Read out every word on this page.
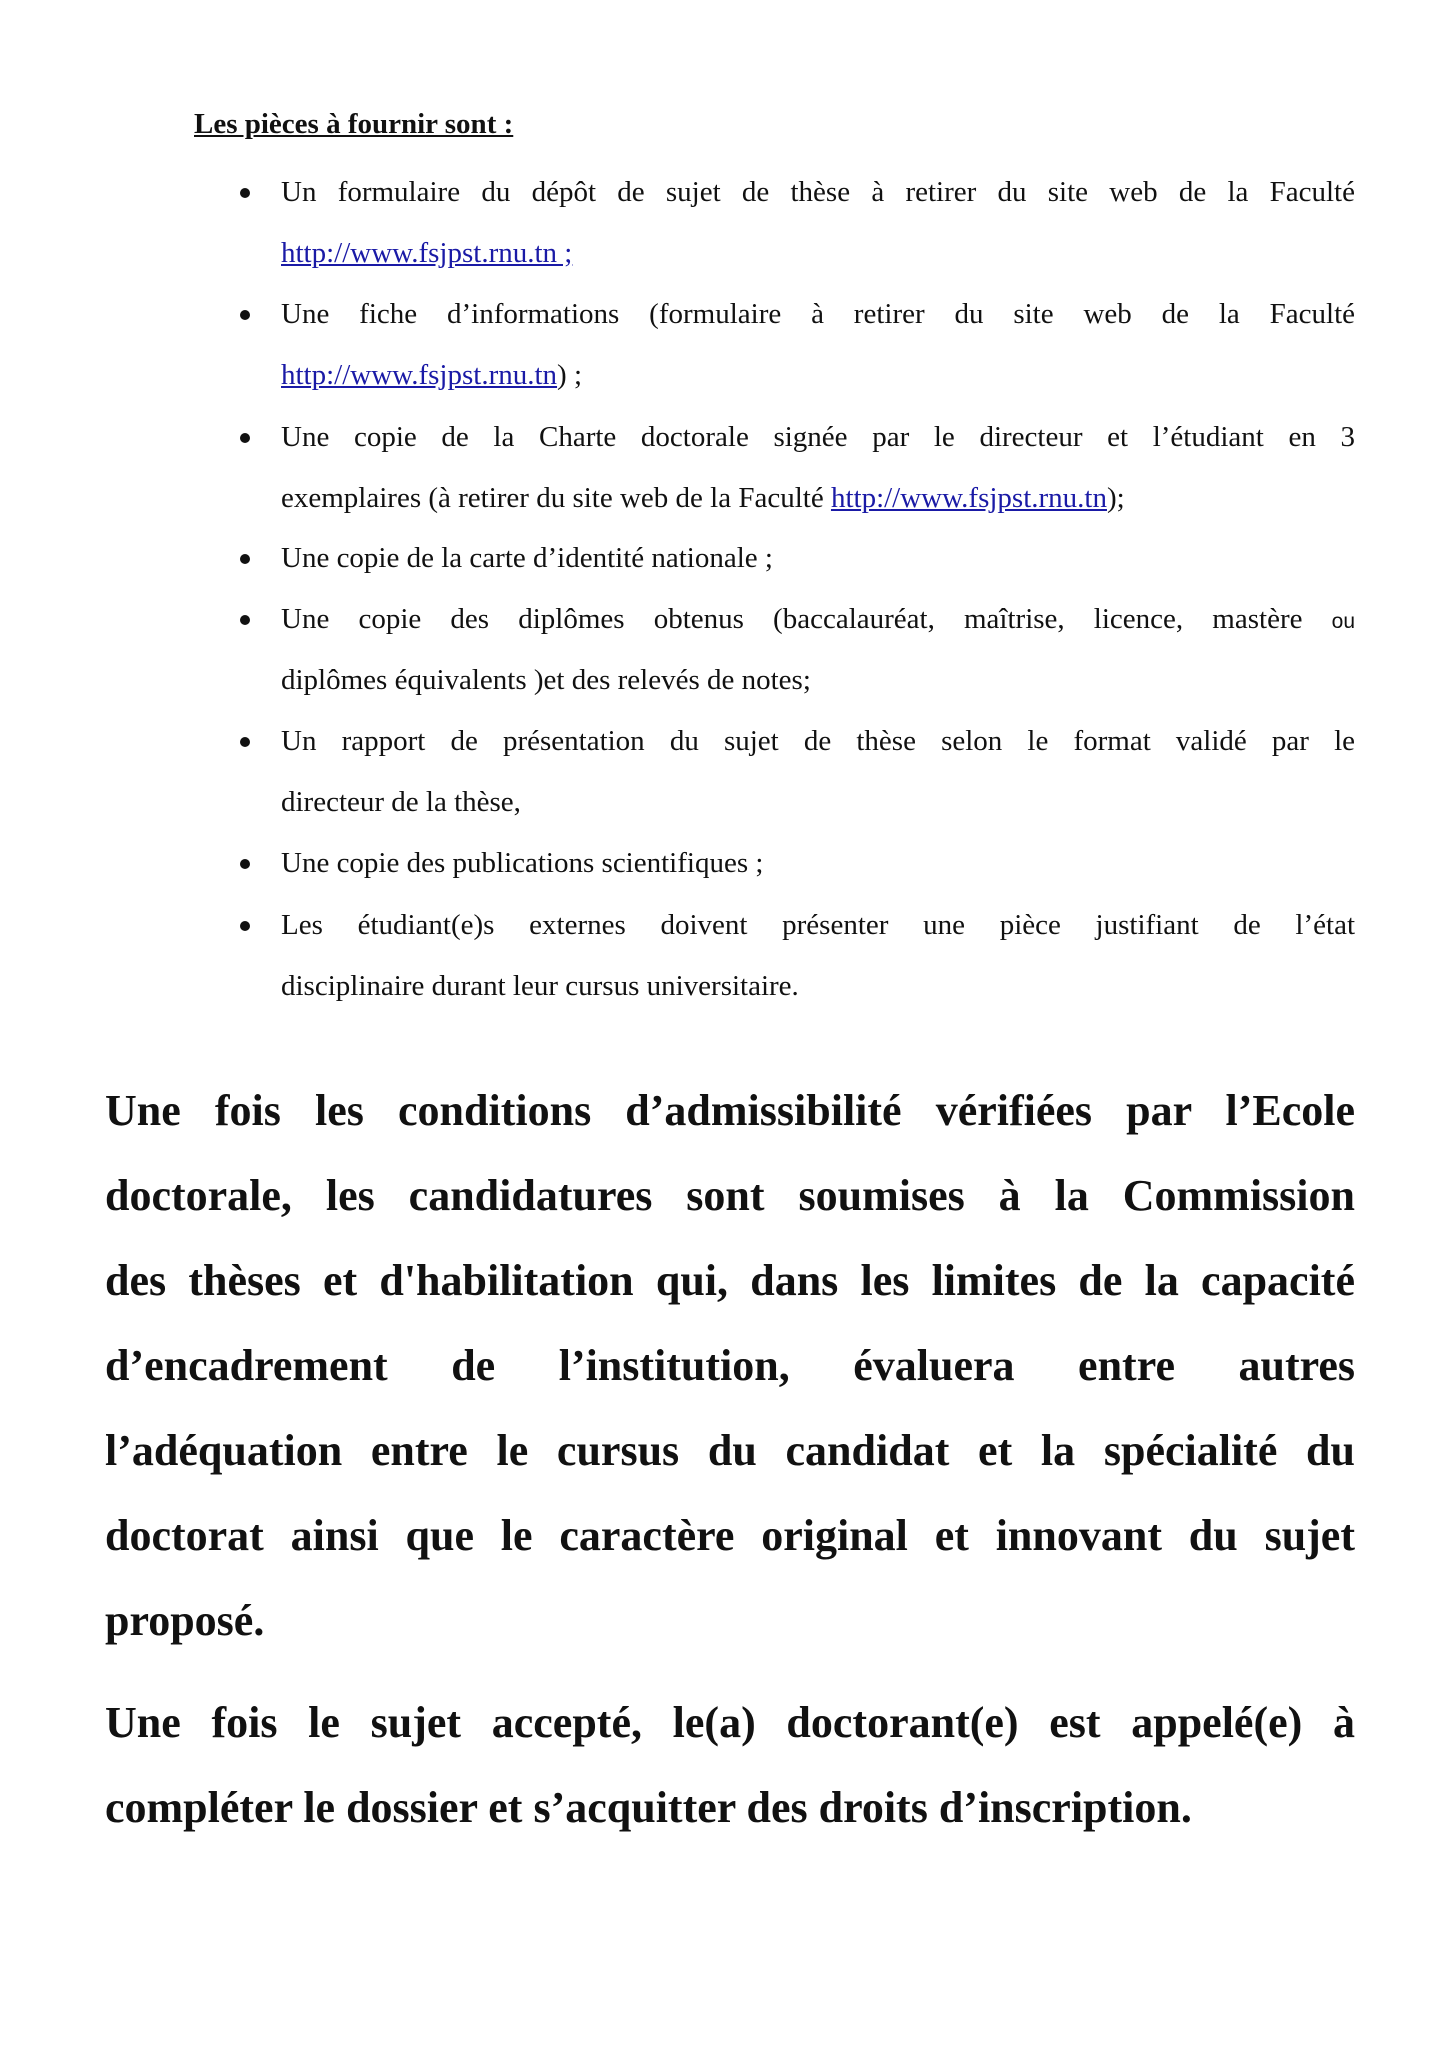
Les pièces à fournir sont :
Un formulaire du dépôt de sujet de thèse à retirer du site web de la Faculté
http://www.fsjpst.rnu.tn ;
Une fiche d’informations (formulaire à retirer du site web de la Faculté
http://www.fsjpst.rnu.tn) ;
Une copie de la Charte doctorale signée par le directeur et l’étudiant en 3
exemplaires (à retirer du site web de la Faculté http://www.fsjpst.rnu.tn);
Une copie de la carte d’identité nationale ;
Une copie des diplômes obtenus (baccalauréat, maîtrise, licence, mastère ou
diplômes équivalents )et des relevés de notes;
Un rapport de présentation du sujet de thèse selon le format validé par le
directeur de la thèse,
Une copie des publications scientifiques ;
Les étudiant(e)s externes doivent présenter une pièce justifiant de l’état
disciplinaire durant leur cursus universitaire.
Une fois les conditions d’admissibilité vérifiées par l’Ecole
doctorale, les candidatures sont soumises à la Commission
des thèses et d'habilitation qui, dans les limites de la capacité
d’encadrement de l’institution, évaluera entre autres
l’adéquation entre le cursus du candidat et la spécialité du
doctorat ainsi que le caractère original et innovant du sujet
proposé.
Une fois le sujet accepté, le(a) doctorant(e) est appelé(e) à
compléter le dossier et s’acquitter des droits d’inscription.
